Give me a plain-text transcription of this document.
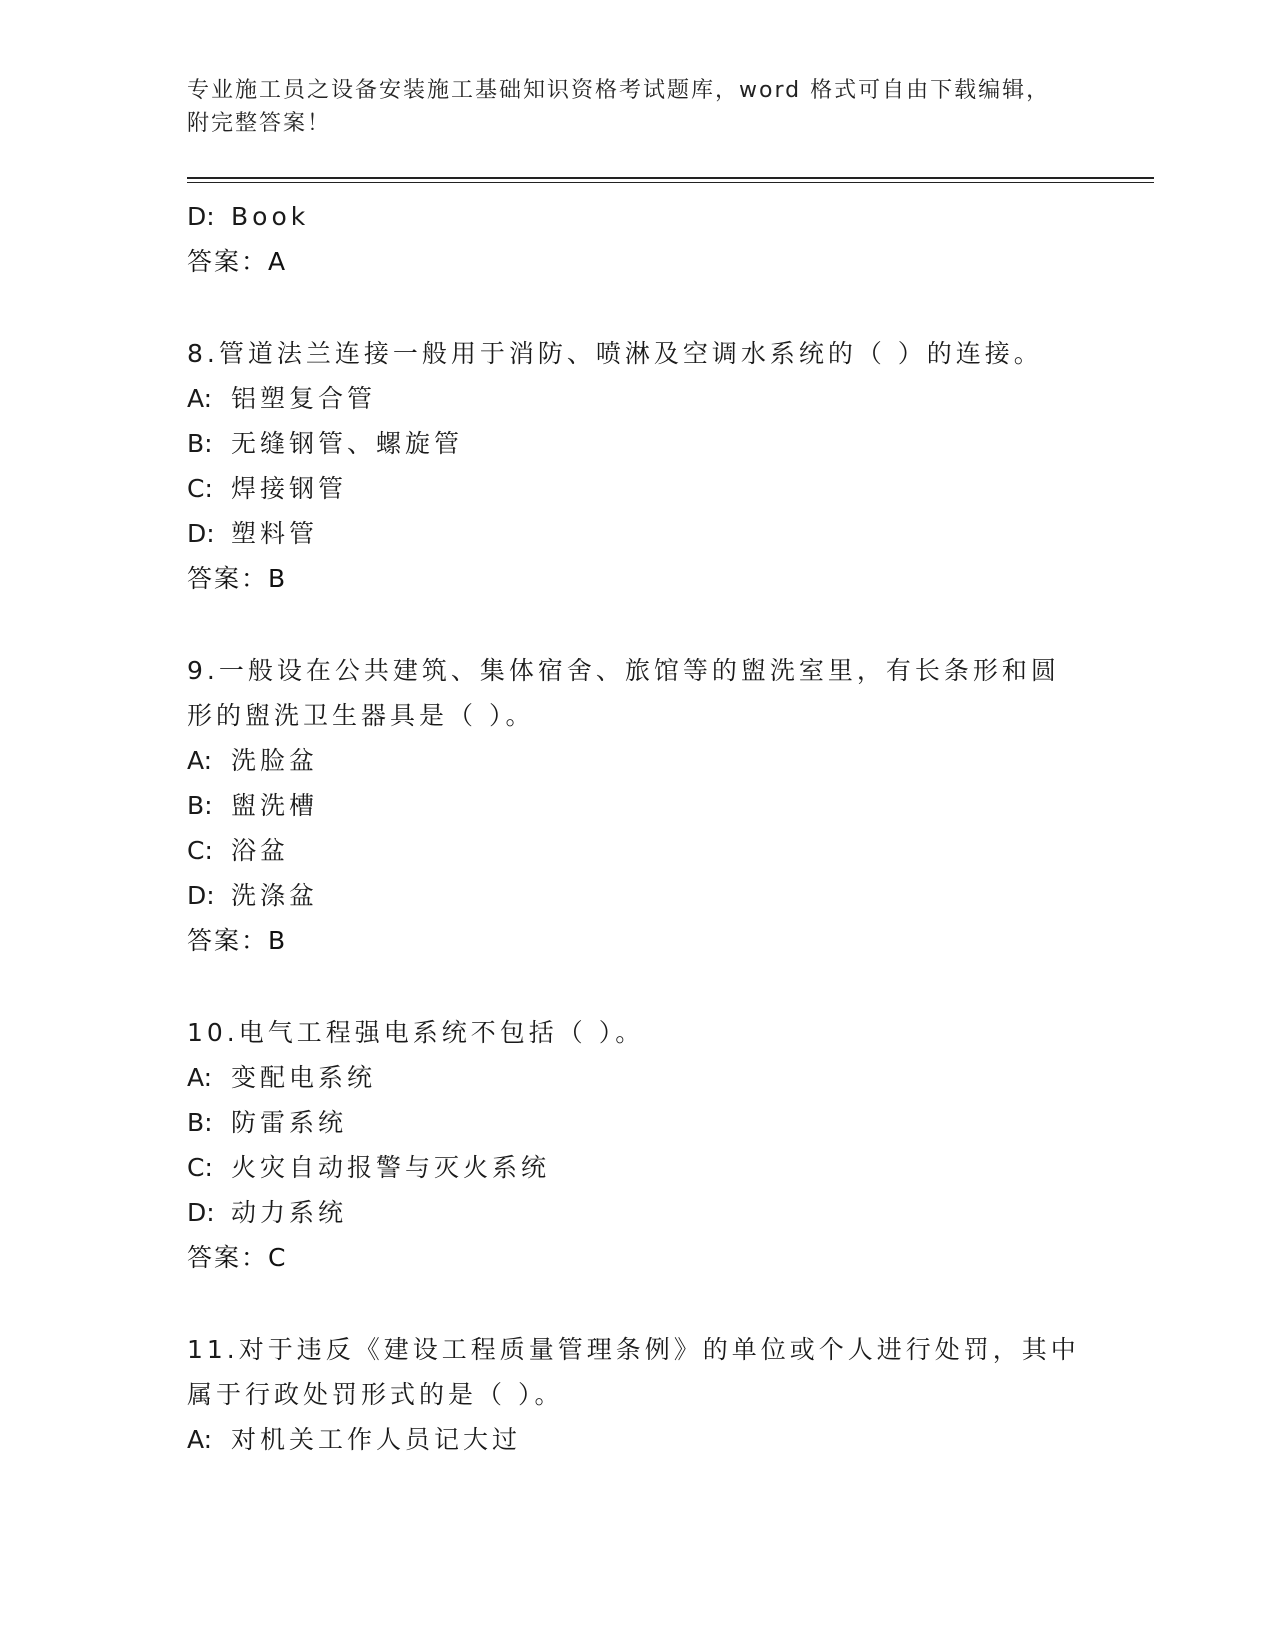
专业施工员之设备安装施工基础知识资格考试题库，word 格式可自由下载编辑，
附完整答案！
D: Book
答案：A
8.管道法兰连接一般用于消防、喷淋及空调水系统的（ ）的连接。
A: 铝塑复合管
B: 无缝钢管、螺旋管
C: 焊接钢管
D: 塑料管
答案：B
9.一般设在公共建筑、集体宿舍、旅馆等的盥洗室里，有长条形和圆
形的盥洗卫生器具是（ ）。
A: 洗脸盆
B: 盥洗槽
C: 浴盆
D: 洗涤盆
答案：B
10.电气工程强电系统不包括（ ）。
A: 变配电系统
B: 防雷系统
C: 火灾自动报警与灭火系统
D: 动力系统
答案：C
11.对于违反《建设工程质量管理条例》的单位或个人进行处罚，其中
属于行政处罚形式的是（ ）。
A: 对机关工作人员记大过
